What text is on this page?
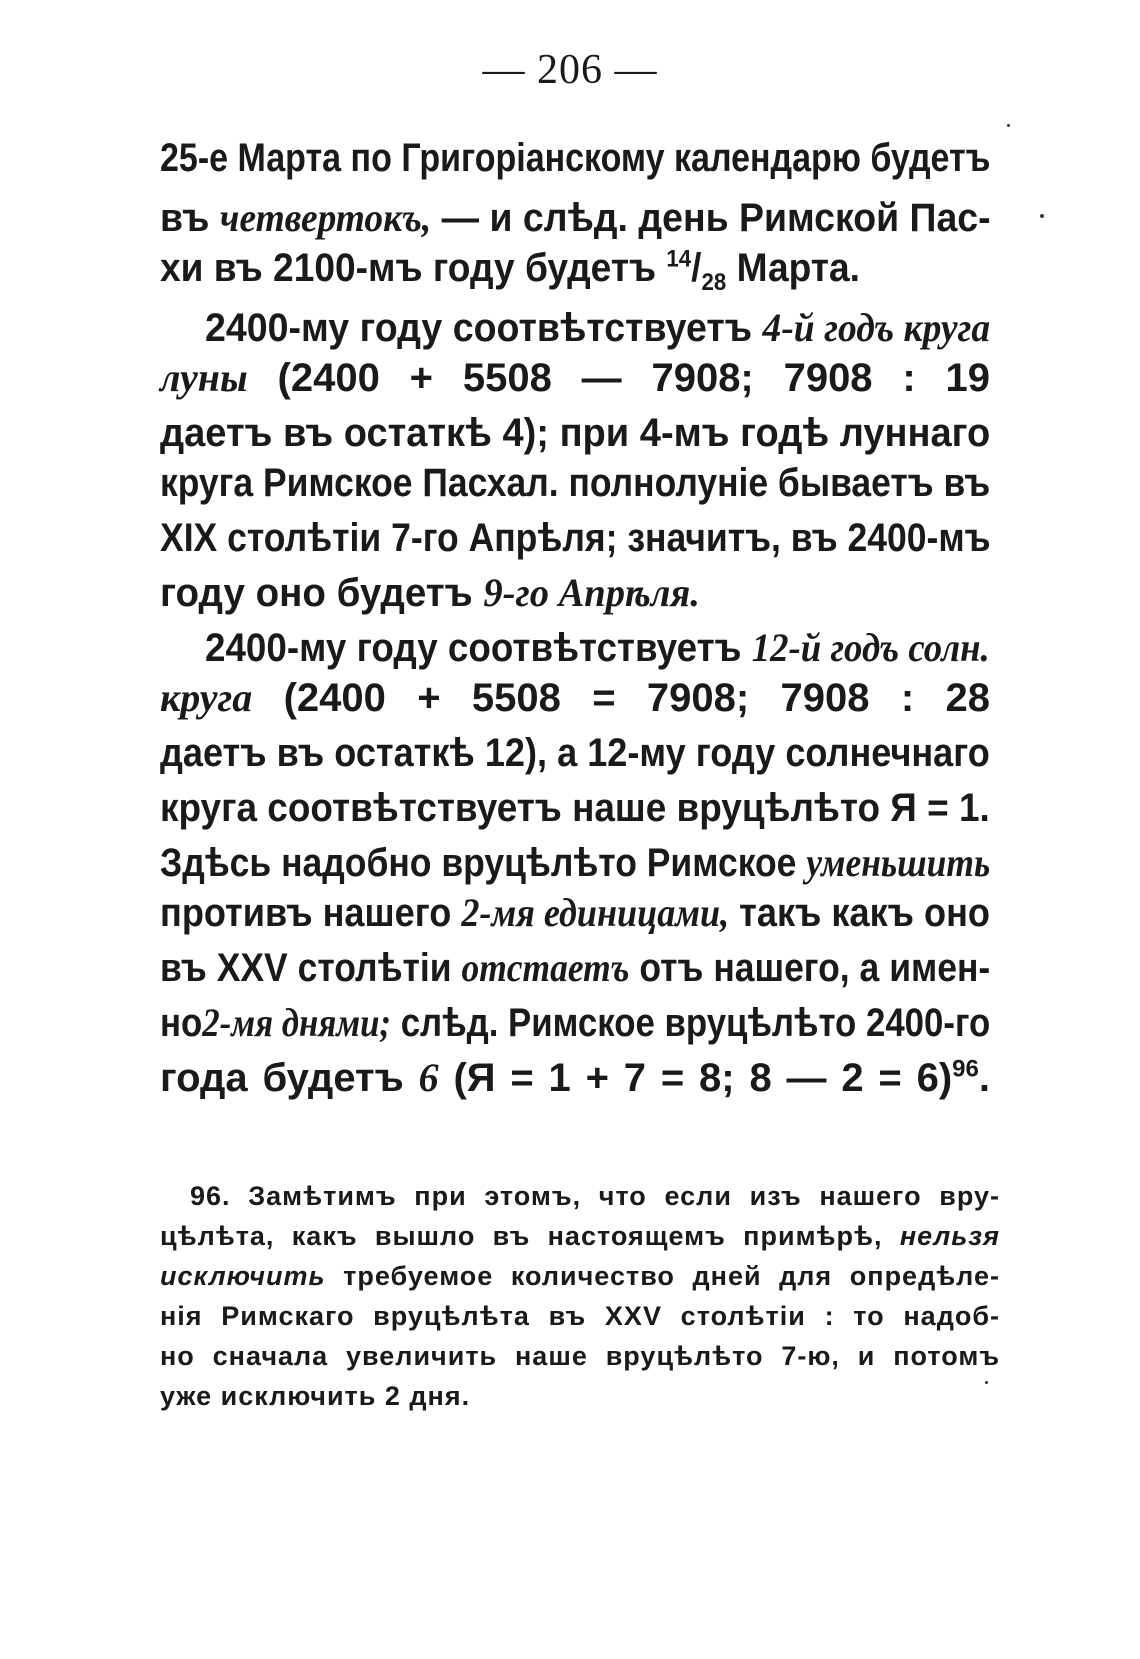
— 206 —
25-е Марта по Григоріанскому календарю будетъ
въ четвертокъ, — и слѣд. день Римской Пас-
хи въ 2100-мъ году будетъ $^{14}/_{28}$ Марта.
2400-му году соотвѣтствуетъ 4-й годъ круга
луны (2400 + 5508 — 7908; 7908 : 19
даетъ въ остаткѣ 4); при 4-мъ годѣ луннаго
круга Римское Пасхал. полнолуніе бываетъ въ
XIX столѣтіи 7-го Апрѣля; значитъ, въ 2400-мъ
году оно будетъ 9-го Апрѣля.
2400-му году соотвѣтствуетъ 12-й годъ солн.
круга (2400 + 5508 = 7908; 7908 : 28
даетъ въ остаткѣ 12), а 12-му году солнечнаго
круга соотвѣтствуетъ наше вруцѣлѣто Я = 1.
Здѣсь надобно вруцѣлѣто Римское уменьшить
противъ нашего 2-мя единицами, такъ какъ оно
въ XXV столѣтіи отстаетъ отъ нашего, а имен-
но2-мя днями; слѣд. Римское вруцѣлѣто 2400-го
года будетъ 6 (Я = 1 + 7 = 8; 8 — 2 = 6)$^{96}$.
96. Замѣтимъ при этомъ, что если изъ нашего вру-
цѣлѣта, какъ вышло въ настоящемъ примѣрѣ, нельзя
исключить требуемое количество дней для опредѣле-
нія Римскаго вруцѣлѣта въ XXV столѣтіи : то надоб-
но сначала увеличить наше вруцѣлѣто 7-ю, и потомъ
уже исключить 2 дня.
